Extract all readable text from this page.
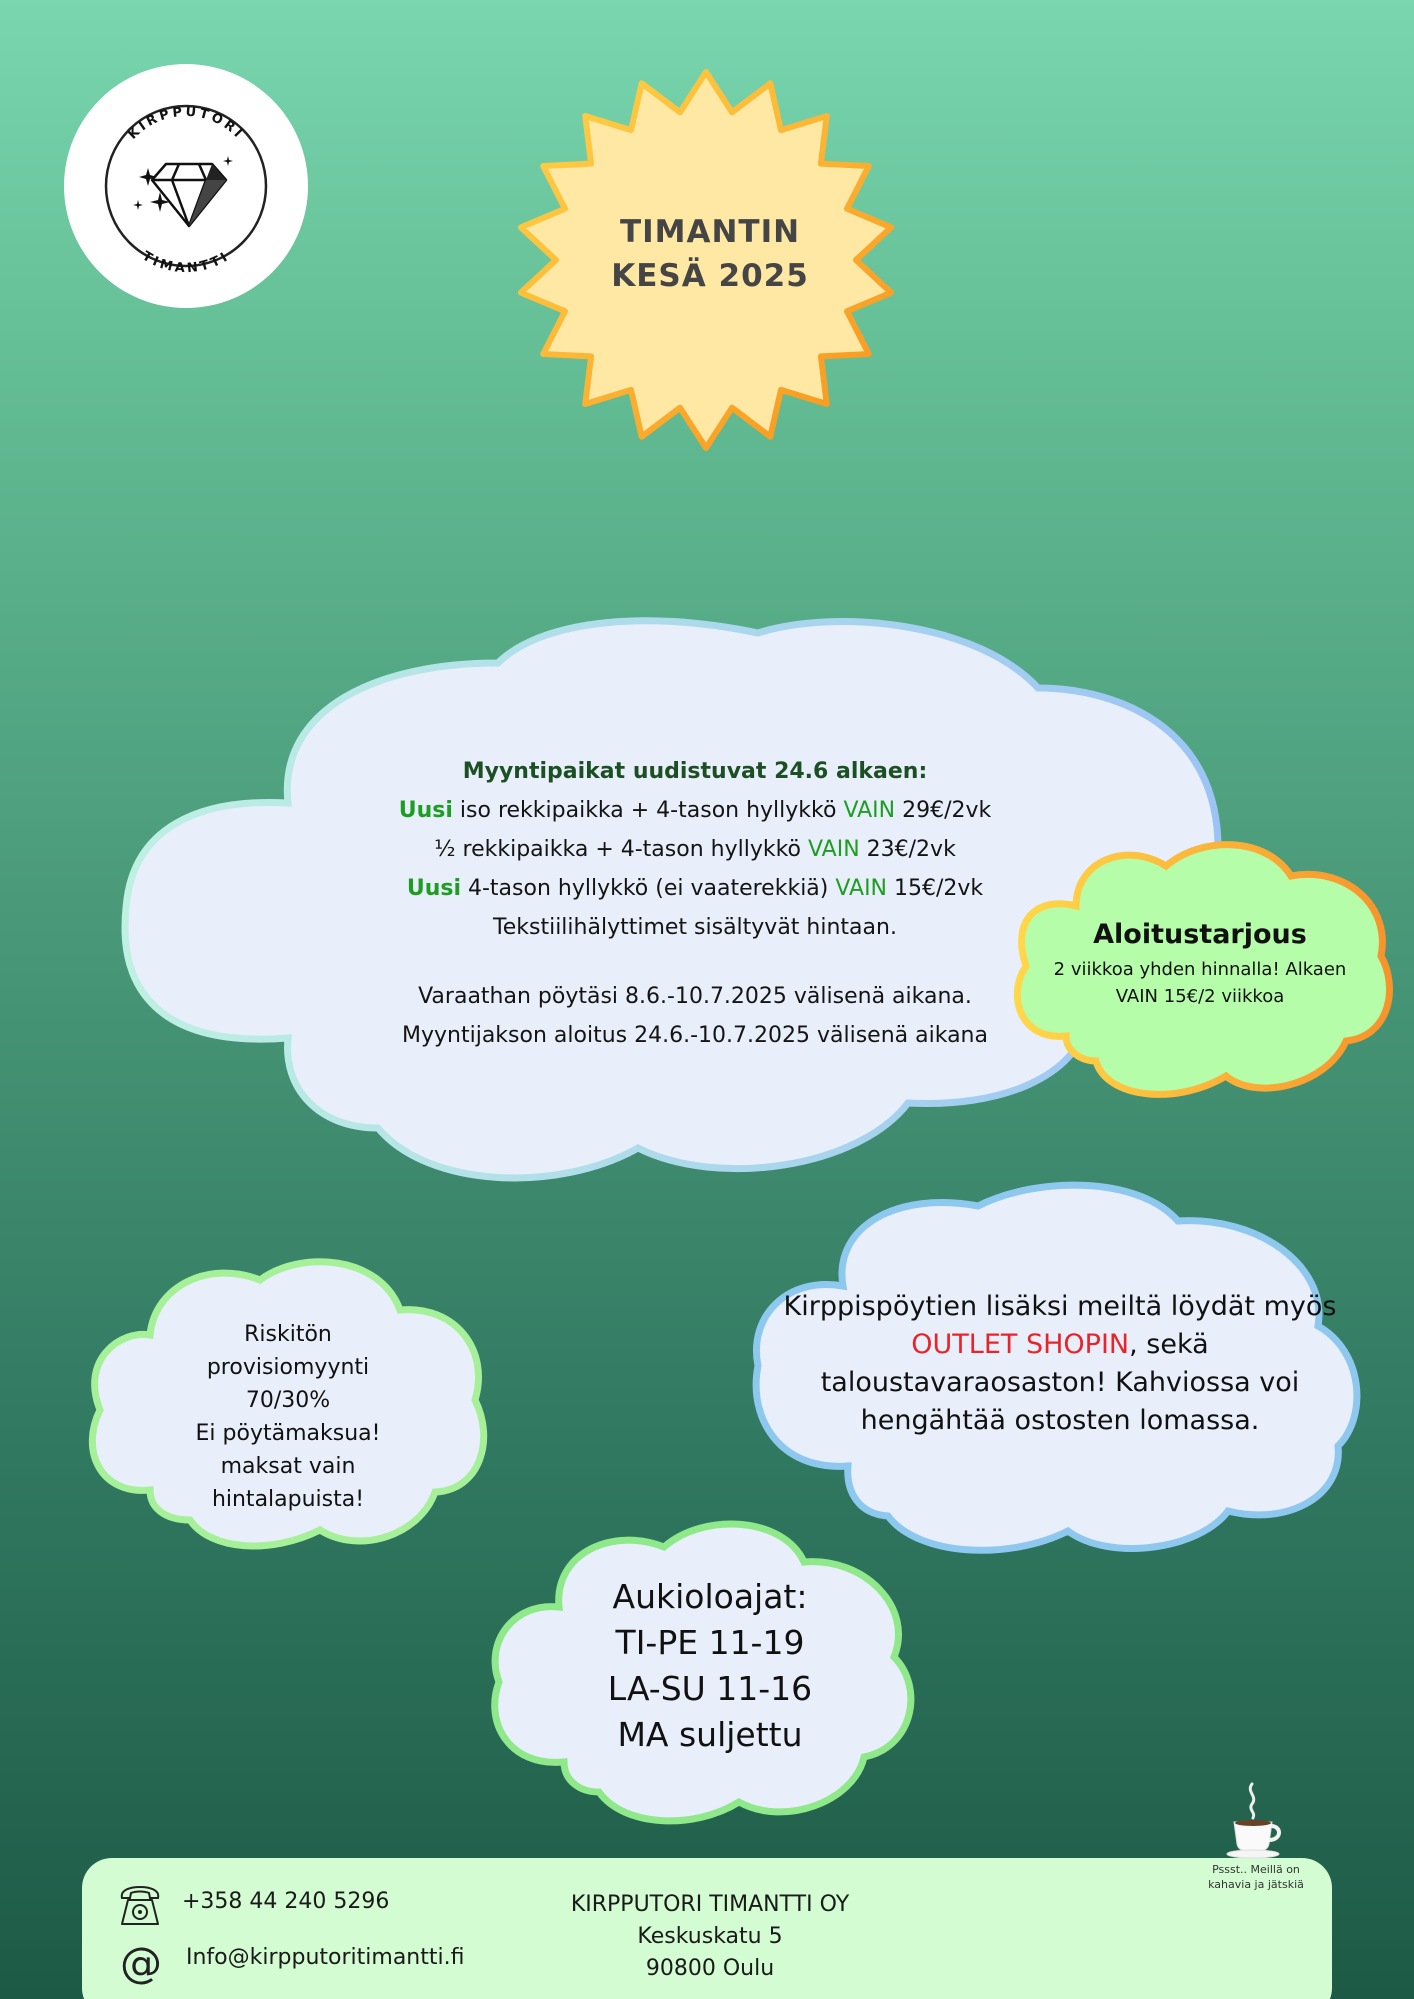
KIRPPUTORI
TIMANTTI
TIMANTIN
KESÄ 2025
Myyntipaikat uudistuvat 24.6 alkaen:
Uusi iso rekkipaikka + 4-tason hyllykkö VAIN 29€/2vk
½ rekkipaikka + 4-tason hyllykkö VAIN 23€/2vk
Uusi 4-tason hyllykkö (ei vaaterekkiä) VAIN 15€/2vk
Tekstiilihälyttimet sisältyvät hintaan.
Varaathan pöytäsi 8.6.-10.7.2025 välisenä aikana.
Myyntijakson aloitus 24.6.-10.7.2025 välisenä aikana
Aloitustarjous
2 viikkoa yhden hinnalla! Alkaen
VAIN 15€/2 viikkoa
Riskitön
provisiomyynti
70/30%
Ei pöytämaksua!
maksat vain
hintalapuista!
Kirppispöytien lisäksi meiltä löydät myös OUTLET SHOPIN, sekä taloustavaraosaston! Kahviossa voi hengähtää ostosten lomassa.
Aukioloajat:
TI-PE 11-19
LA-SU 11-16
MA suljettu
Pssst.. Meillä on
kahavia ja jätskiä
+358 44 240 5296
@ Info@kirpputoritimantti.fi
KIRPPUTORI TIMANTTI OY
Keskuskatu 5
90800 Oulu
